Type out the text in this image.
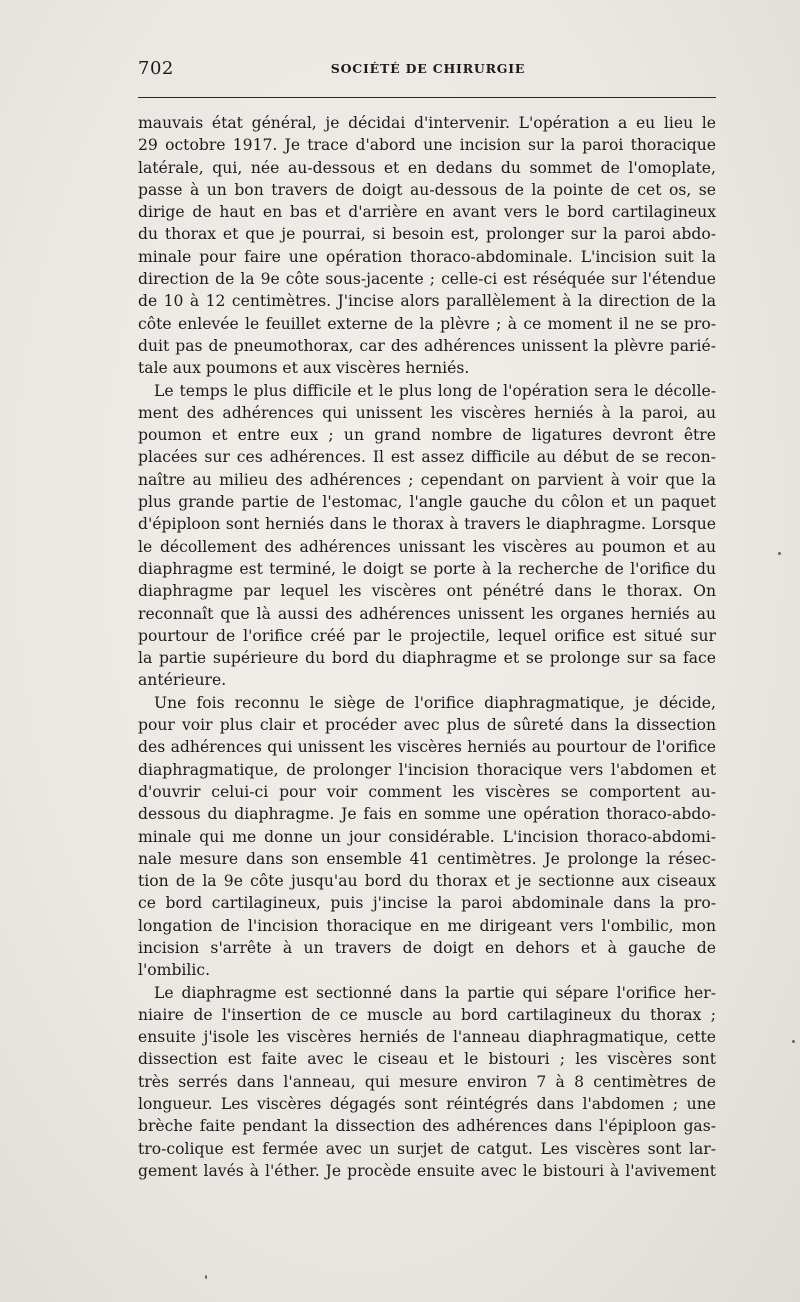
702	SOCIÉTÉ DE CHIRURGIE
mauvais état général, je décidai d'intervenir. L'opération a eu lieu le
29 octobre 1917. Je trace d'abord une incision sur la paroi thoracique
latérale, qui, née au-dessous et en dedans du sommet de l'omoplate,
passe à un bon travers de doigt au-dessous de la pointe de cet os, se
dirige de haut en bas et d'arrière en avant vers le bord cartilagineux
du thorax et que je pourrai, si besoin est, prolonger sur la paroi abdo-
minale pour faire une opération thoraco-abdominale. L'incision suit la
direction de la 9e côte sous-jacente ; celle-ci est réséquée sur l'étendue
de 10 à 12 centimètres. J'incise alors parallèlement à la direction de la
côte enlevée le feuillet externe de la plèvre ; à ce moment il ne se pro-
duit pas de pneumothorax, car des adhérences unissent la plèvre parié-
tale aux poumons et aux viscères herniés.
Le temps le plus difficile et le plus long de l'opération sera le décolle-
ment des adhérences qui unissent les viscères herniés à la paroi, au
poumon et entre eux ; un grand nombre de ligatures devront être
placées sur ces adhérences. Il est assez difficile au début de se recon-
naître au milieu des adhérences ; cependant on parvient à voir que la
plus grande partie de l'estomac, l'angle gauche du côlon et un paquet
d'épiploon sont herniés dans le thorax à travers le diaphragme. Lorsque
le décollement des adhérences unissant les viscères au poumon et au
diaphragme est terminé, le doigt se porte à la recherche de l'orifice du
diaphragme par lequel les viscères ont pénétré dans le thorax. On
reconnaît que là aussi des adhérences unissent les organes herniés au
pourtour de l'orifice créé par le projectile, lequel orifice est situé sur
la partie supérieure du bord du diaphragme et se prolonge sur sa face
antérieure.
Une fois reconnu le siège de l'orifice diaphragmatique, je décide,
pour voir plus clair et procéder avec plus de sûreté dans la dissection
des adhérences qui unissent les viscères herniés au pourtour de l'orifice
diaphragmatique, de prolonger l'incision thoracique vers l'abdomen et
d'ouvrir celui-ci pour voir comment les viscères se comportent au-
dessous du diaphragme. Je fais en somme une opération thoraco-abdo-
minale qui me donne un jour considérable. L'incision thoraco-abdomi-
nale mesure dans son ensemble 41 centimètres. Je prolonge la résec-
tion de la 9e côte jusqu'au bord du thorax et je sectionne aux ciseaux
ce bord cartilagineux, puis j'incise la paroi abdominale dans la pro-
longation de l'incision thoracique en me dirigeant vers l'ombilic, mon
incision s'arrête à un travers de doigt en dehors et à gauche de
l'ombilic.
Le diaphragme est sectionné dans la partie qui sépare l'orifice her-
niaire de l'insertion de ce muscle au bord cartilagineux du thorax ;
ensuite j'isole les viscères herniés de l'anneau diaphragmatique, cette
dissection est faite avec le ciseau et le bistouri ; les viscères sont
très serrés dans l'anneau, qui mesure environ 7 à 8 centimètres de
longueur. Les viscères dégagés sont réintégrés dans l'abdomen ; une
brèche faite pendant la dissection des adhérences dans l'épiploon gas-
tro-colique est fermée avec un surjet de catgut. Les viscères sont lar-
gement lavés à l'éther. Je procède ensuite avec le bistouri à l'avivement
